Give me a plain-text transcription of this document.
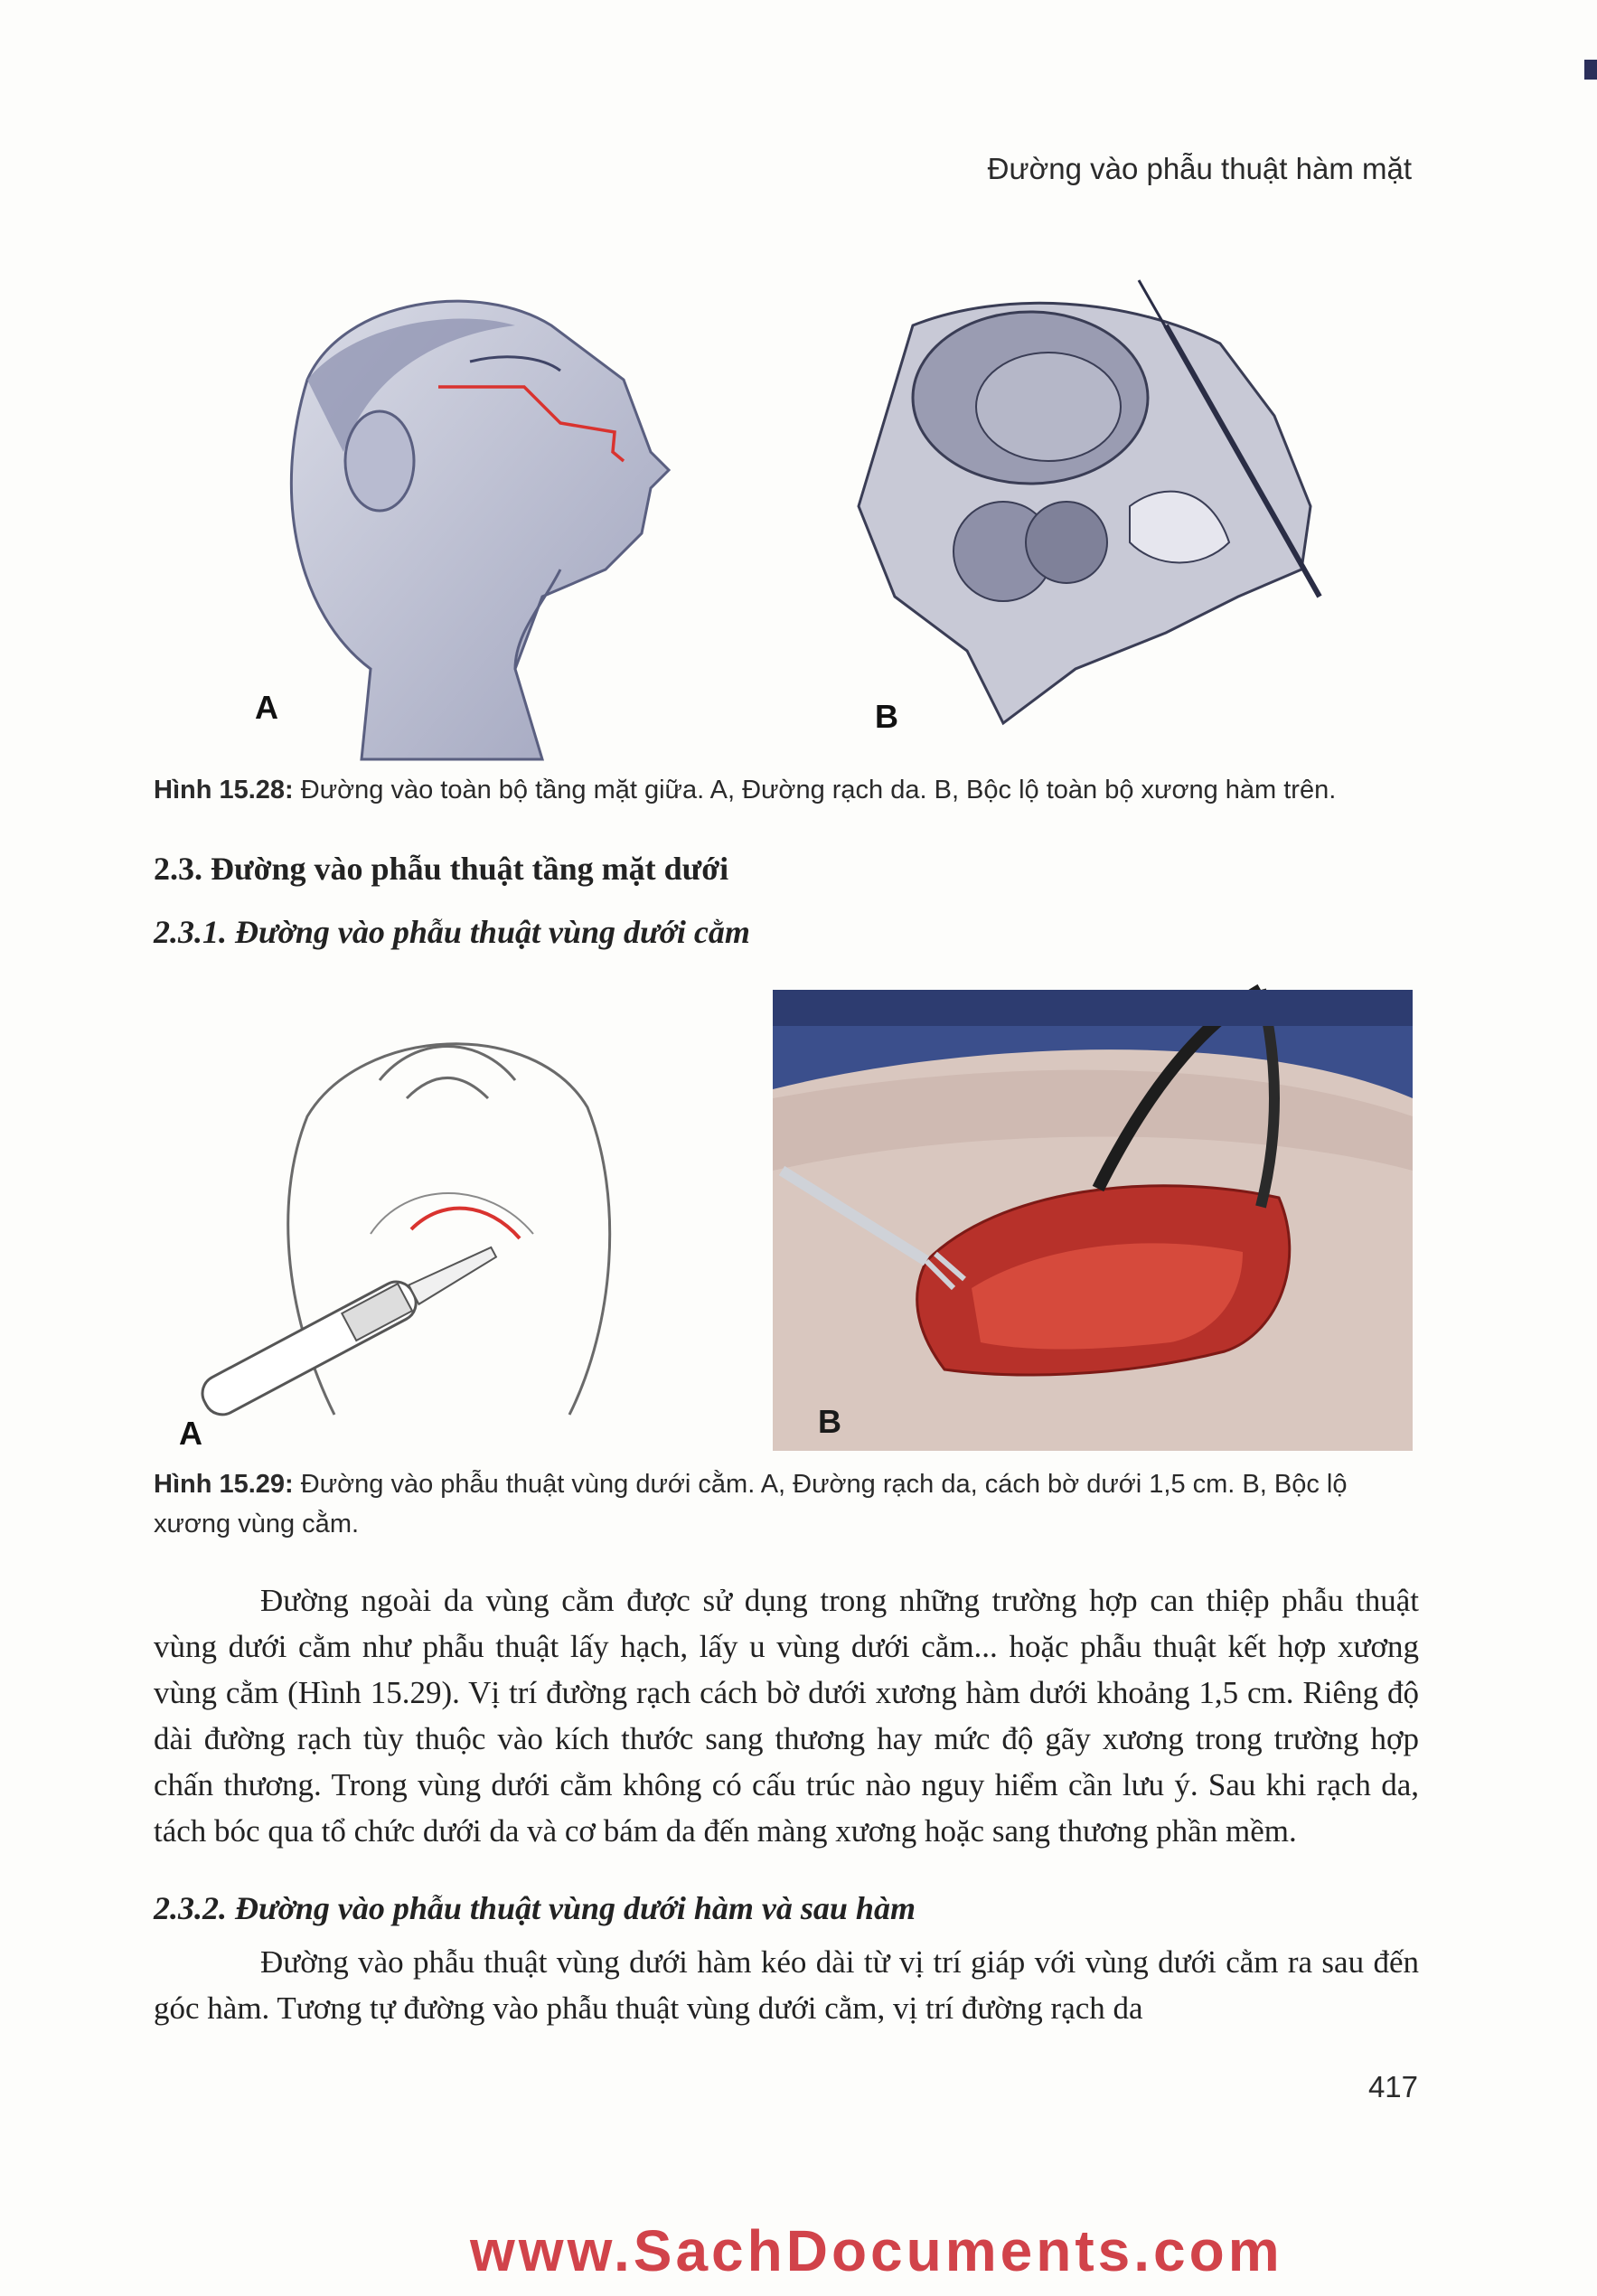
Đường vào phẫu thuật hàm mặt
A	B
Hình 15.28: Đường vào toàn bộ tầng mặt giữa. A, Đường rạch da. B, Bộc lộ toàn bộ xương hàm trên.
2.3. Đường vào phẫu thuật tầng mặt dưới
2.3.1. Đường vào phẫu thuật vùng dưới cằm
A	B
Hình 15.29: Đường vào phẫu thuật vùng dưới cằm. A, Đường rạch da, cách bờ dưới 1,5 cm. B, Bộc lộ xương vùng cằm.
Đường ngoài da vùng cằm được sử dụng trong những trường hợp can thiệp phẫu thuật vùng dưới cằm như phẫu thuật lấy hạch, lấy u vùng dưới cằm... hoặc phẫu thuật kết hợp xương vùng cằm (Hình 15.29). Vị trí đường rạch cách bờ dưới xương hàm dưới khoảng 1,5 cm. Riêng độ dài đường rạch tùy thuộc vào kích thước sang thương hay mức độ gãy xương trong trường hợp chấn thương. Trong vùng dưới cằm không có cấu trúc nào nguy hiểm cần lưu ý. Sau khi rạch da, tách bóc qua tổ chức dưới da và cơ bám da đến màng xương hoặc sang thương phần mềm.
2.3.2. Đường vào phẫu thuật vùng dưới hàm và sau hàm
Đường vào phẫu thuật vùng dưới hàm kéo dài từ vị trí giáp với vùng dưới cằm ra sau đến góc hàm. Tương tự đường vào phẫu thuật vùng dưới cằm, vị trí đường rạch da
417
www.SachDocuments.com
